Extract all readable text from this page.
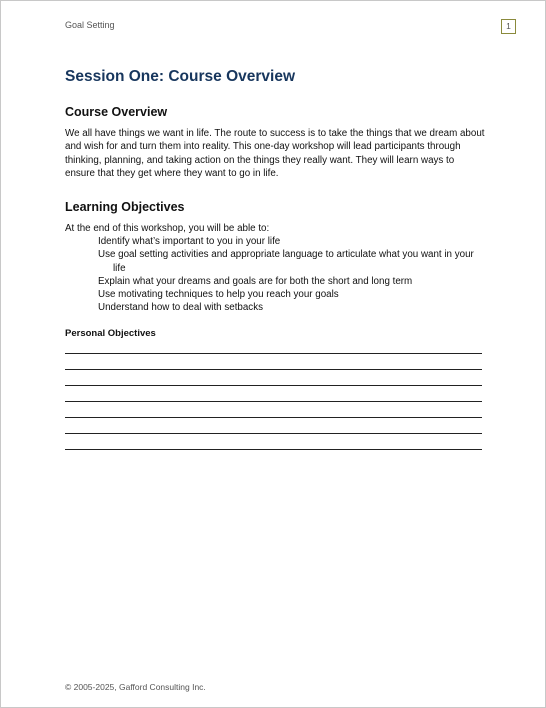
Goal Setting	1
Session One: Course Overview
Course Overview

We all have things we want in life. The route to success is to take the things that we dream about and wish for and turn them into reality. This one-day workshop will lead participants through thinking, planning, and taking action on the things they really want. They will learn ways to ensure that they get where they want to go in life.

Learning Objectives

At the end of this workshop, you will be able to:

Identify what’s important to you in your life
Use goal setting activities and appropriate language to articulate what you want in your life
Explain what your dreams and goals are for both the short and long term
Use motivating techniques to help you reach your goals
Understand how to deal with setbacks
Personal Objectives
© 2005-2025, Gafford Consulting Inc.
